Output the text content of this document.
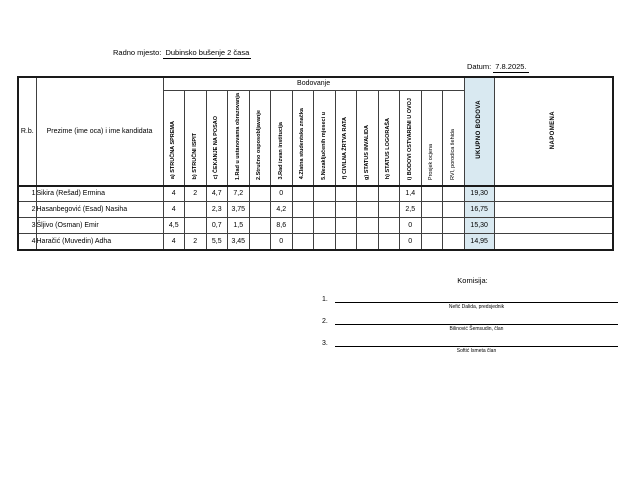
Radno mjesto: Dubinsko bušenje 2 časa
Datum: 7.8.2025.
R.b.	Prezime (ime oca) i ime kandidata	Bodovanje														UKUPNO BODOVA	NAPOMENA
		a) STRUČNA SPREMA	b) STRUČNI ISPIT	c) ČEKANJE NA POSAO	1.Rad u ustanovama obrazovanja	2.Stručno osposobljavanje	3.Rad izvan institucija	4.Zlatna studentska značka	5.Nezaključenih mjeseci u	f) CIVILNA ŽRTVA RATA	g) STATUS INVALIDA	h) STATUS LOGORAŠA	i) BODOVI OSTVARENI U OVOJ	Prosjek ocjena	RVI, porodica šehida		
1	Sikira (Rešad) Ermina	4	2	4,7	7,2		0						1,4			19,30	
2	Hasanbegović (Esad) Nasiha	4		2,3	3,75		4,2						2,5			16,75	
3	Šljivo (Osman) Emir	4,5		0,7	1,5		8,6						0			15,30	
4	Haračić (Muvedin) Adha	4	2	5,5	3,45		0						0			14,95	
Komisija:
1.
Nefić Dalida, predsjednik
2.
Bilinović Šemsudin, član
3.
Softić Ismeta član
